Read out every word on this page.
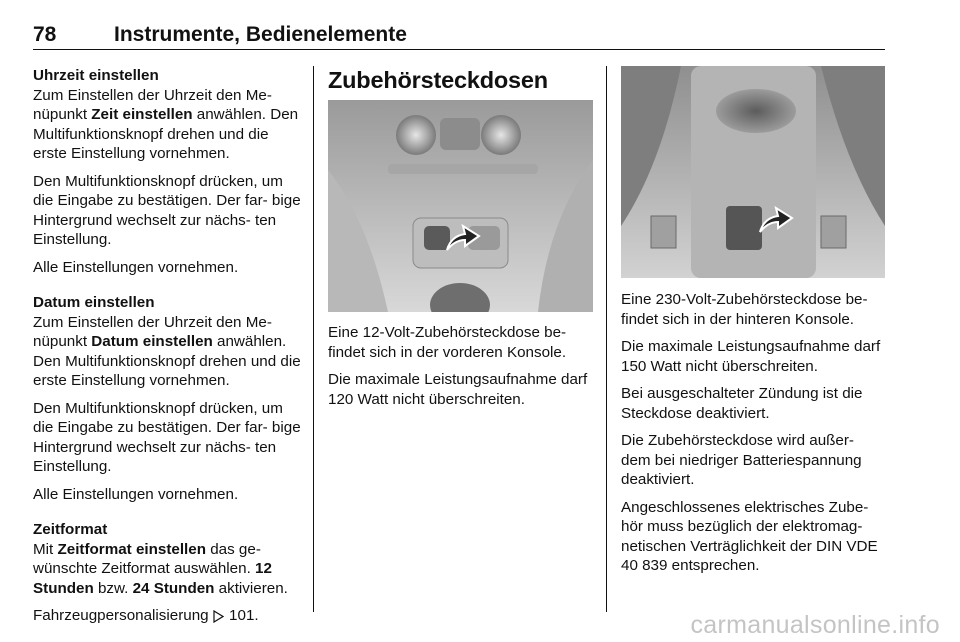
78	Instrumente, Bedienelemente
Uhrzeit einstellen

Zum Einstellen der Uhrzeit den Me‐ nüpunkt Zeit einstellen anwählen. Den Multifunktionsknopf drehen und die erste Einstellung vornehmen.

Den Multifunktionsknopf drücken, um die Eingabe zu bestätigen. Der far‐ bige Hintergrund wechselt zur nächs‐ ten Einstellung.

Alle Einstellungen vornehmen.

Datum einstellen

Zum Einstellen der Uhrzeit den Me‐ nüpunkt Datum einstellen anwählen. Den Multifunktionsknopf drehen und die erste Einstellung vornehmen.

Den Multifunktionsknopf drücken, um die Eingabe zu bestätigen. Der far‐ bige Hintergrund wechselt zur nächs‐ ten Einstellung.

Alle Einstellungen vornehmen.

Zeitformat

Mit Zeitformat einstellen das ge‐ wünschte Zeitformat auswählen. 12 Stunden bzw. 24 Stunden aktivieren.

Fahrzeugpersonalisierung  101.

Zubehörsteckdosen

Eine 12-Volt-Zubehörsteckdose be‐ findet sich in der vorderen Konsole.

Die maximale Leistungsaufnahme darf 120 Watt nicht überschreiten.

Eine 230-Volt-Zubehörsteckdose be‐ findet sich in der hinteren Konsole.

Die maximale Leistungsaufnahme darf 150 Watt nicht überschreiten.

Bei ausgeschalteter Zündung ist die Steckdose deaktiviert.

Die Zubehörsteckdose wird außer‐ dem bei niedriger Batteriespannung deaktiviert.

Angeschlossenes elektrisches Zube‐ hör muss bezüglich der elektromag‐ netischen Verträglichkeit der DIN VDE 40 839 entsprechen.

carmanualsonline.info
